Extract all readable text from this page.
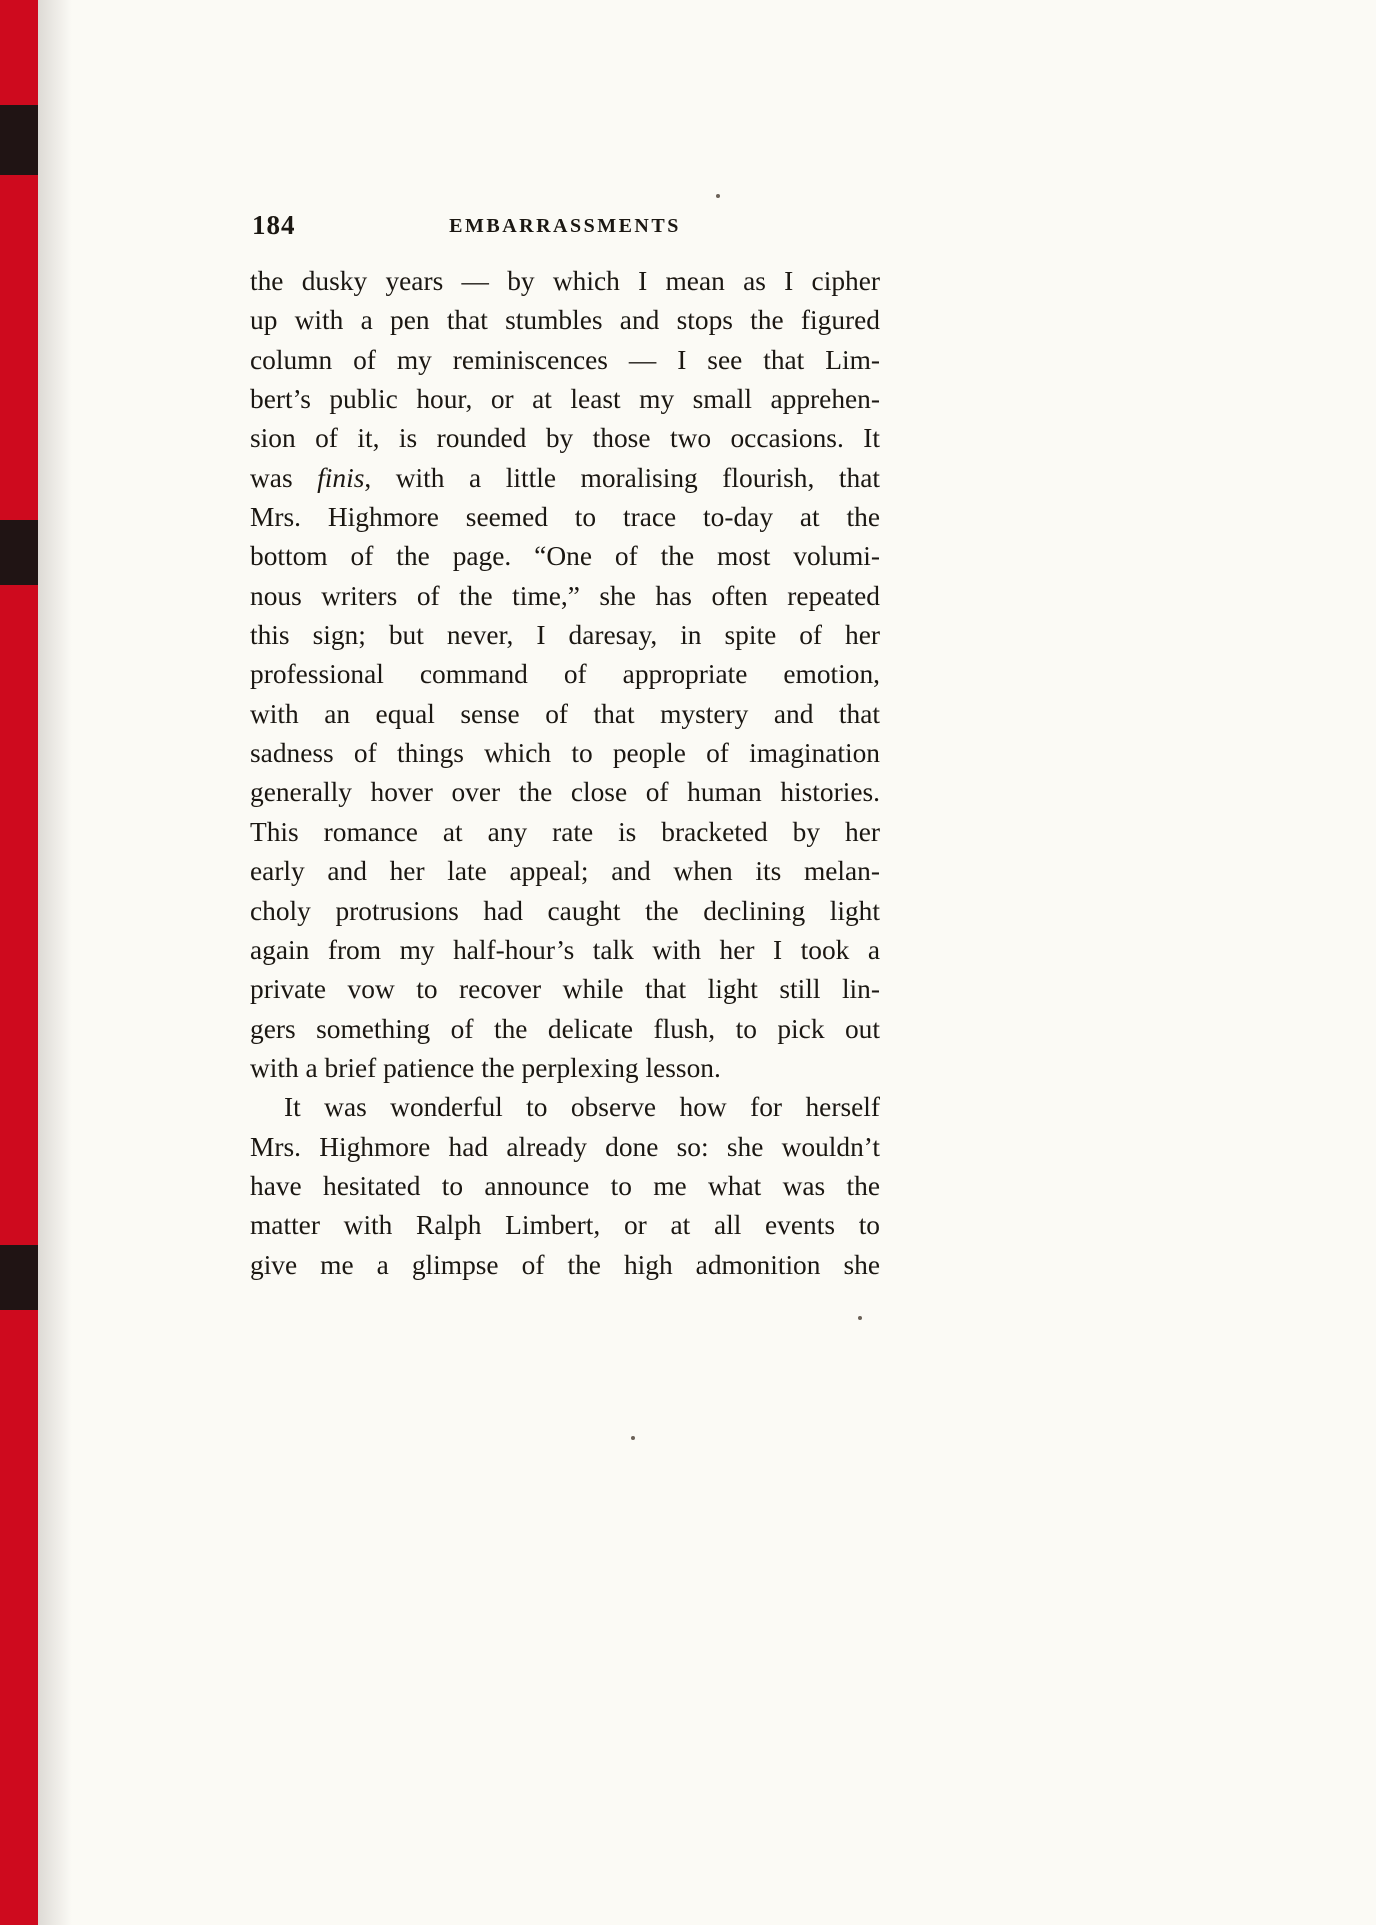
184	EMBARRASSMENTS
the dusky years — by which I mean as I cipher
up with a pen that stumbles and stops the figured
column of my reminiscences — I see that Lim-
bert’s public hour, or at least my small apprehen-
sion of it, is rounded by those two occasions. It
was finis, with a little moralising flourish, that
Mrs. Highmore seemed to trace to-day at the
bottom of the page. “One of the most volumi-
nous writers of the time,” she has often repeated
this sign; but never, I daresay, in spite of her
professional command of appropriate emotion,
with an equal sense of that mystery and that
sadness of things which to people of imagination
generally hover over the close of human histories.
This romance at any rate is bracketed by her
early and her late appeal; and when its melan-
choly protrusions had caught the declining light
again from my half-hour’s talk with her I took a
private vow to recover while that light still lin-
gers something of the delicate flush, to pick out
with a brief patience the perplexing lesson.
It was wonderful to observe how for herself
Mrs. Highmore had already done so: she wouldn’t
have hesitated to announce to me what was the
matter with Ralph Limbert, or at all events to
give me a glimpse of the high admonition she
